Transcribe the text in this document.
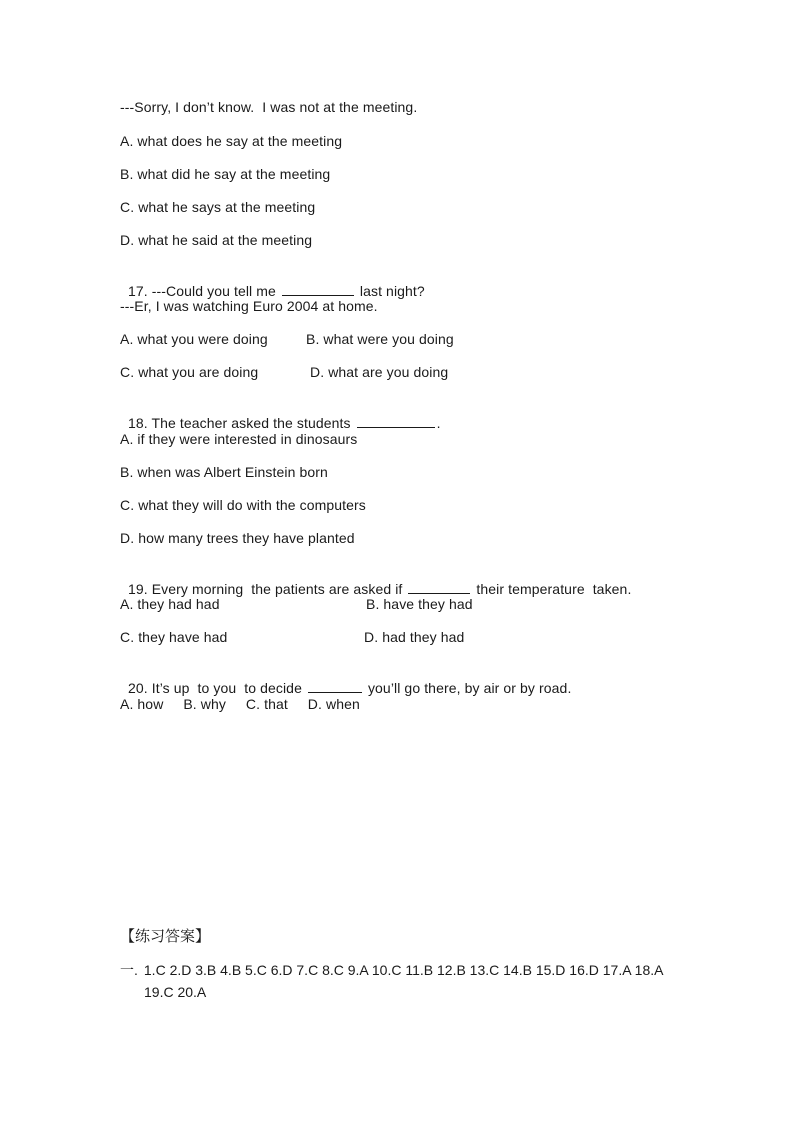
---Sorry, I don’t know.  I was not at the meeting.
A. what does he say at the meeting
B. what did he say at the meeting
C. what he says at the meeting
D. what he said at the meeting

17. ---Could you tell me	last night?

---Er, I was watching Euro 2004 at home.
A. what you were doing	B. what were you doing
C. what you are doing	D. what are you doing

18. The teacher asked the students	.

A. if they were interested in dinosaurs
B. when was Albert Einstein born
C. what they will do with the computers
D. how many trees they have planted

19. Every morning  the patients are asked if	their temperature  taken.

A. they had had	B. have they had
C. they have had	D. had they had

20. It’s up  to you  to decide	you’ll go there, by air or by road.

A. how     B. why     C. that     D. when
【练习答案】
一. 1.C 2.D 3.B 4.B 5.C 6.D 7.C 8.C 9.A 10.C 11.B 12.B 13.C 14.B 15.D 16.D 17.A 18.A
19.C 20.A
